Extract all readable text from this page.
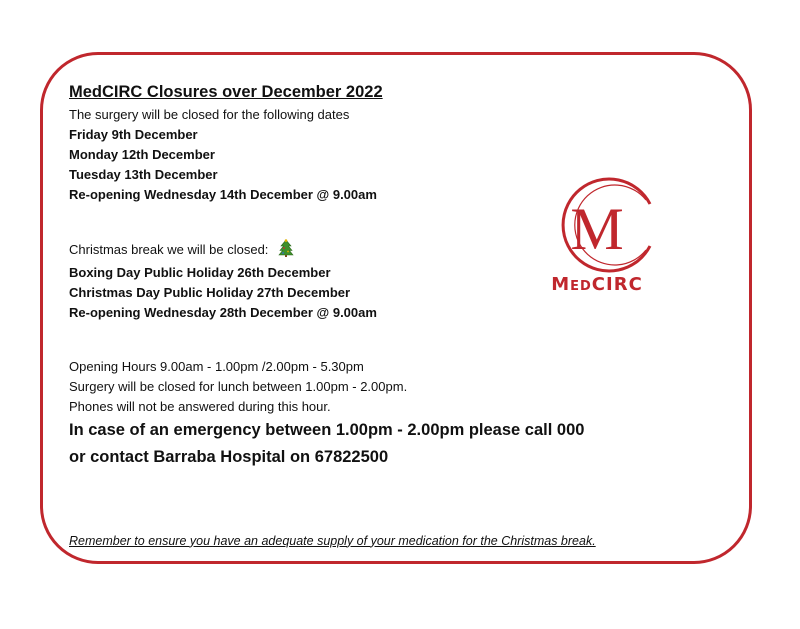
MedCIRC Closures over December 2022

The surgery will be closed for the following dates

Friday 9th December

Monday 12th December

Tuesday 13th December

Re-opening Wednesday 14th December @ 9.00am

Christmas break we will be closed:

Boxing Day Public Holiday 26th December

Christmas Day Public Holiday 27th December

Re-opening Wednesday 28th December @ 9.00am

Opening Hours 9.00am - 1.00pm /2.00pm - 5.30pm

Surgery will be closed for lunch between 1.00pm - 2.00pm.

Phones will not be answered during this hour.

In case of an emergency between 1.00pm - 2.00pm please call 000

or contact Barraba Hospital on 67822500

Remember to ensure you have an adequate supply of your medication for the Christmas break.

M
MEDCIRC
